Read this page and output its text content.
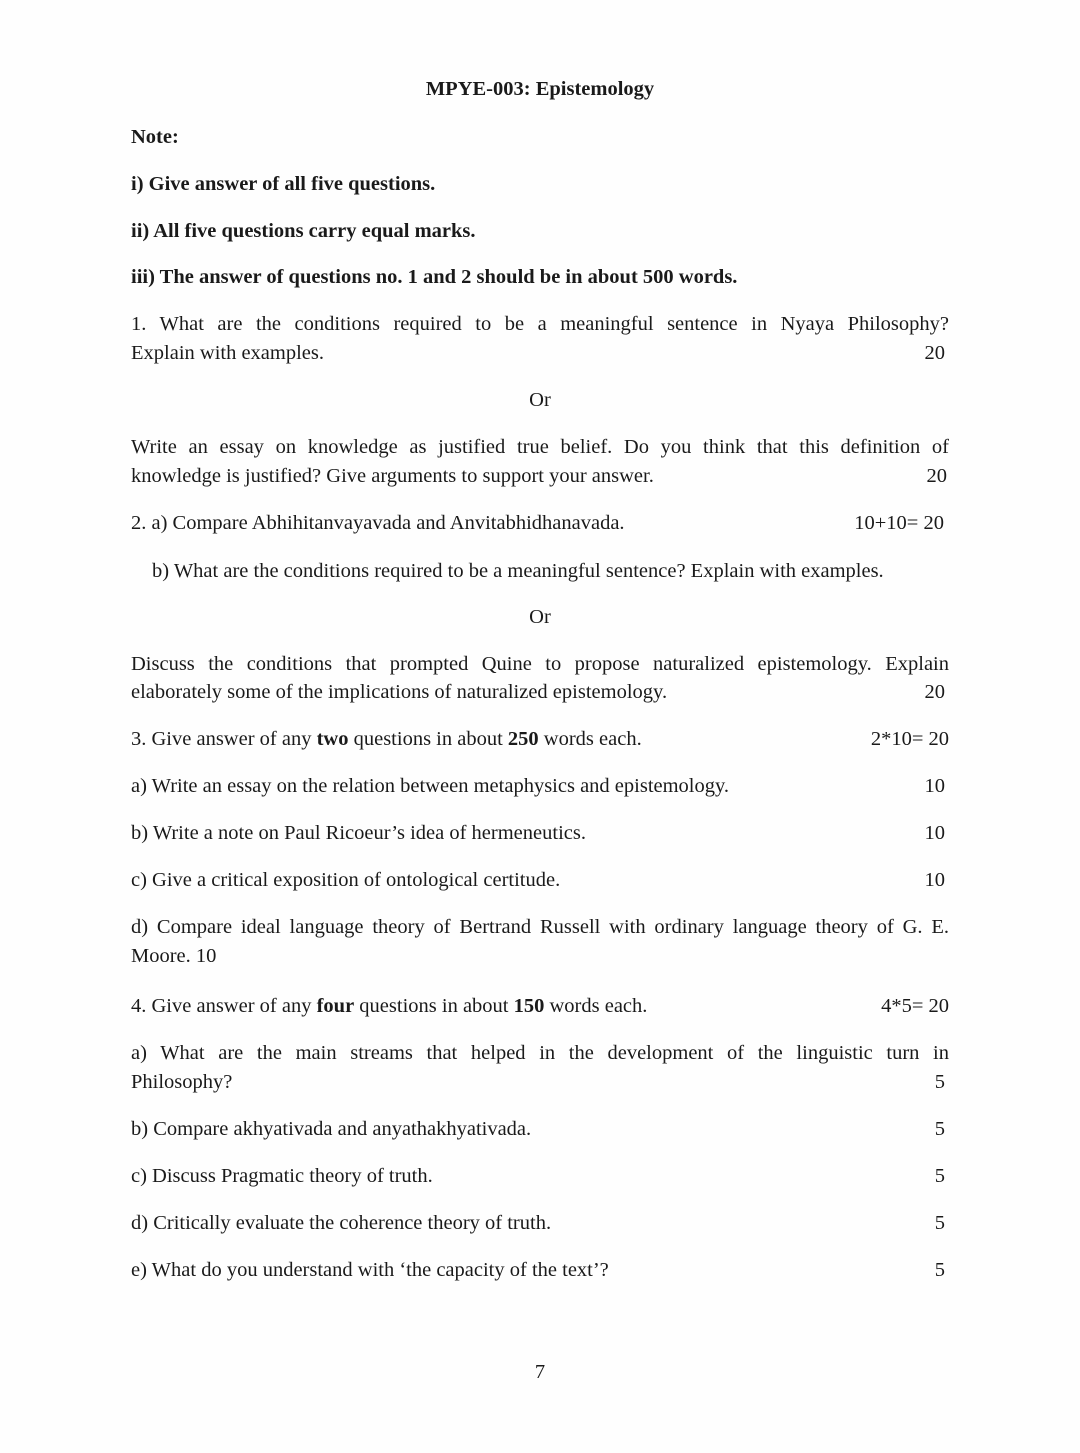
MPYE-003: Epistemology
Note:
i) Give answer of all five questions.
ii) All five questions carry equal marks.
iii) The answer of questions no. 1 and 2 should be in about 500 words.
1. What are the conditions required to be a meaningful sentence in Nyaya Philosophy?
Explain with examples.	20
Or
Write an essay on knowledge as justified true belief. Do you think that this definition of
knowledge is justified? Give arguments to support your answer.	20
2. a) Compare Abhihitanvayavada and Anvitabhidhanavada.	10+10= 20
b) What are the conditions required to be a meaningful sentence? Explain with examples.
Or
Discuss the conditions that prompted Quine to propose naturalized epistemology. Explain
elaborately some of the implications of naturalized epistemology.	20
3. Give answer of any two questions in about 250 words each.	2*10= 20
a) Write an essay on the relation between metaphysics and epistemology.	10
b) Write a note on Paul Ricoeur’s idea of hermeneutics.	10
c) Give a critical exposition of ontological certitude.	10
d) Compare ideal language theory of Bertrand Russell with ordinary language theory of G. E.
Moore. 10
4. Give answer of any four questions in about 150 words each.	4*5= 20
a) What are the main streams that helped in the development of the linguistic turn in
Philosophy?	5
b) Compare akhyativada and anyathakhyativada.	5
c) Discuss Pragmatic theory of truth.	5
d) Critically evaluate the coherence theory of truth.	5
e) What do you understand with ‘the capacity of the text’?	5
7
